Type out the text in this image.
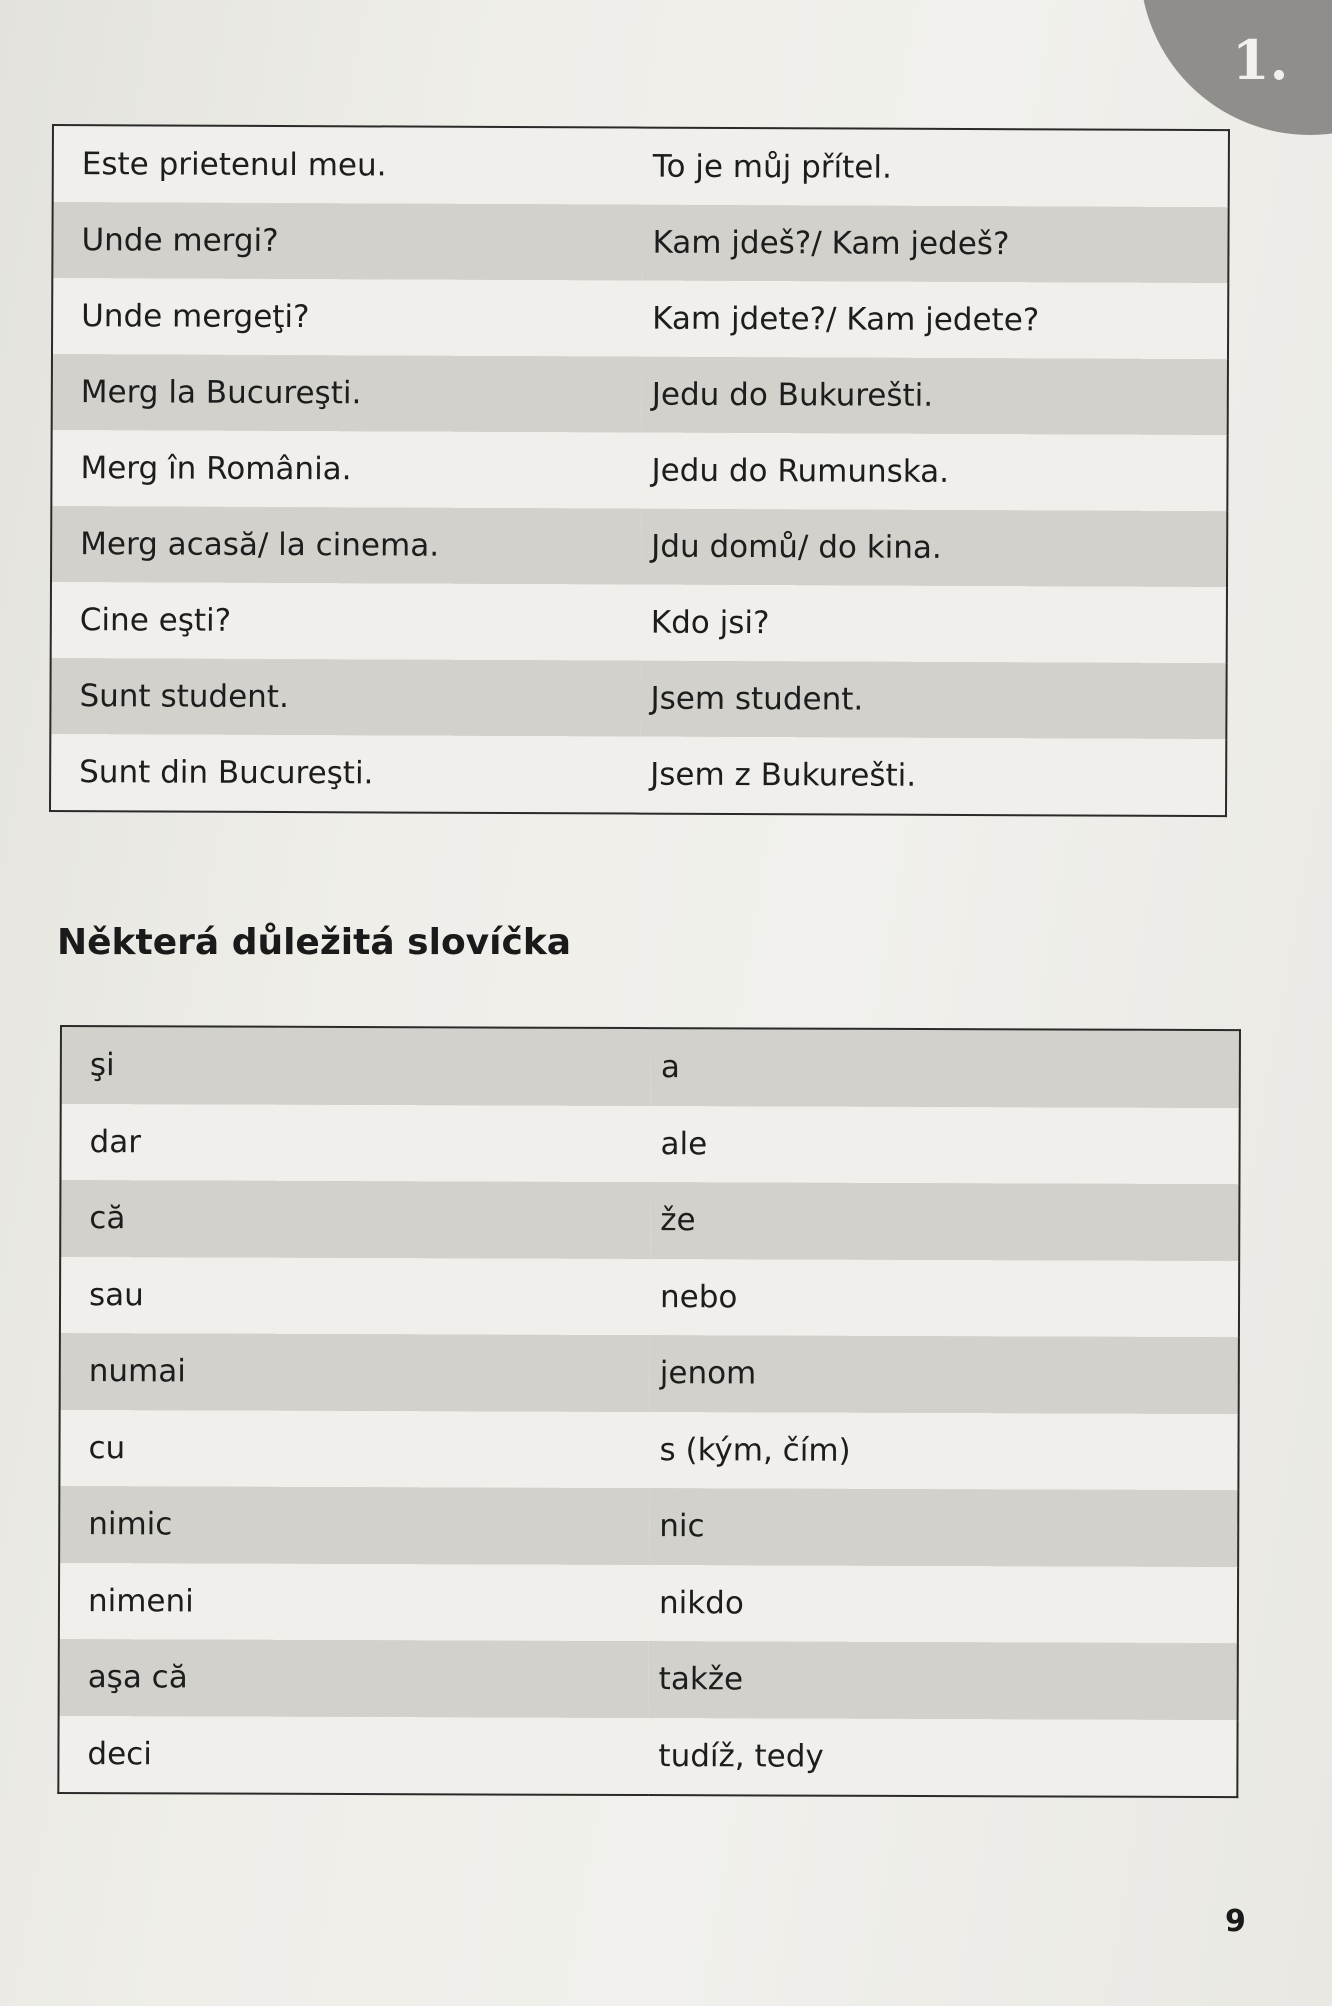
1.
Este prietenul meu.	To je můj přítel.
Unde mergi?	Kam jdeš?/ Kam jedeš?
Unde mergeţi?	Kam jdete?/ Kam jedete?
Merg la Bucureşti.	Jedu do Bukurešti.
Merg în România.	Jedu do Rumunska.
Merg acasă/ la cinema.	Jdu domů/ do kina.
Cine eşti?	Kdo jsi?
Sunt student.	Jsem student.
Sunt din Bucureşti.	Jsem z Bukurešti.
Některá důležitá slovíčka
şi	a
dar	ale
că	že
sau	nebo
numai	jenom
cu	s (kým, čím)
nimic	nic
nimeni	nikdo
aşa că	takže
deci	tudíž, tedy
9
